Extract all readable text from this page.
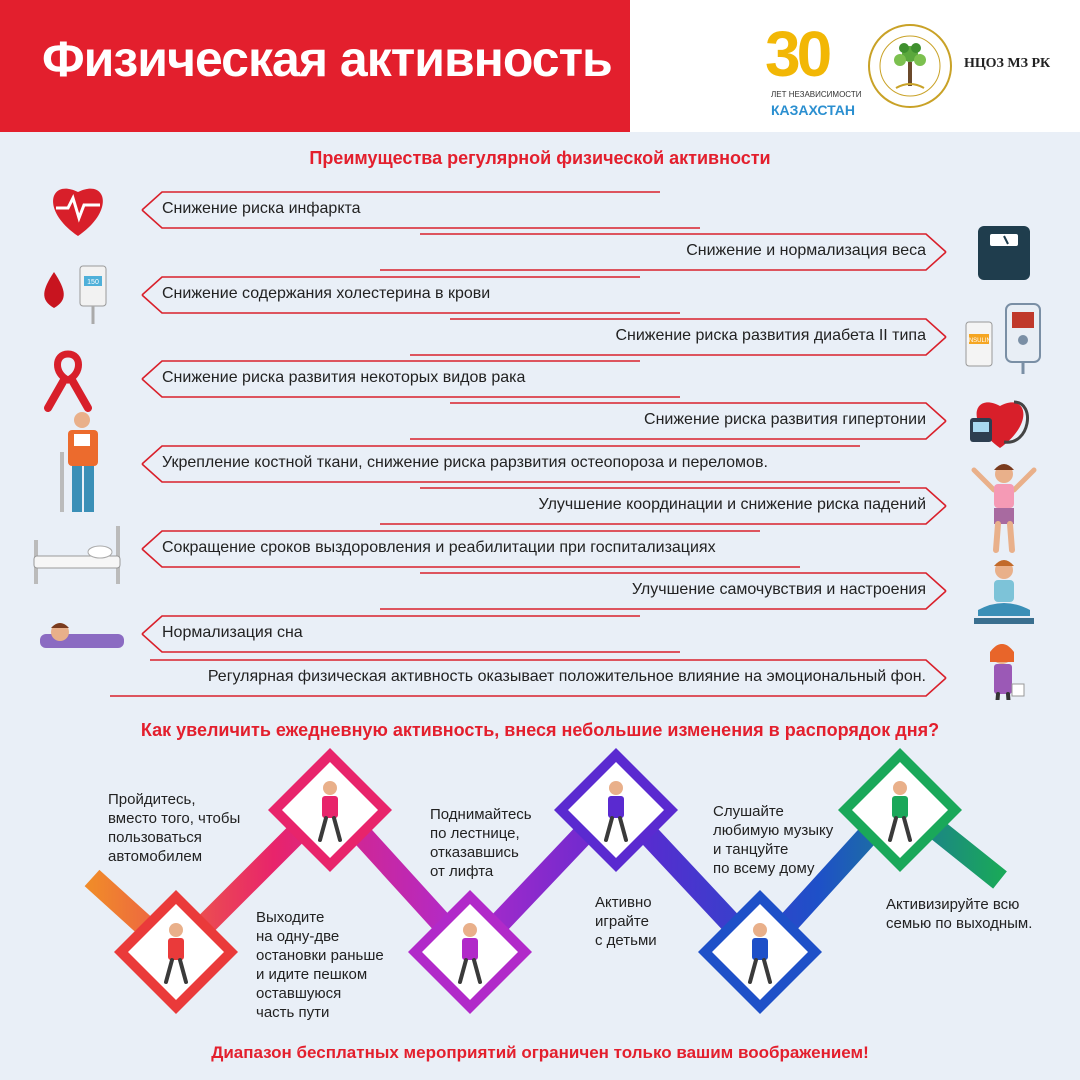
Физическая активность 30
ЛЕТ НЕЗАВИСИМОСТИ
КАЗАХСТАН
НЦОЗ МЗ РК
Преимущества регулярной физической активности
150
INSULIN
Снижение риска инфаркта
Снижение и нормализация веса
Снижение содержания холестерина в крови
Снижение риска развития диабета II типа
Снижение риска развития некоторых видов рака
Снижение риска развития гипертонии
Укрепление костной ткани, снижение риска рарзвития остеопороза и переломов.
Улучшение координации и снижение риска падений
Сокращение сроков выздоровления и реабилитации при госпитализациях
Улучшение самочувствия и настроения
Нормализация сна
Регулярная физическая активность оказывает положительное влияние на эмоциональный фон.
Как увеличить ежедневную активность, внеся небольшие изменения в распорядок дня?
Пройдитесь,
вместо того, чтобы
пользоваться
автомобилем
Выходите
на одну-две
остановки раньше
и идите пешком
оставшуюся
часть пути
Поднимайтесь
по лестнице,
отказавшись
от лифта
Активно
играйте
с детьми
Слушайте
любимую музыку
и танцуйте
по всему дому
Активизируйте всю
семью по выходным.
Диапазон бесплатных мероприятий ограничен только вашим воображением!
